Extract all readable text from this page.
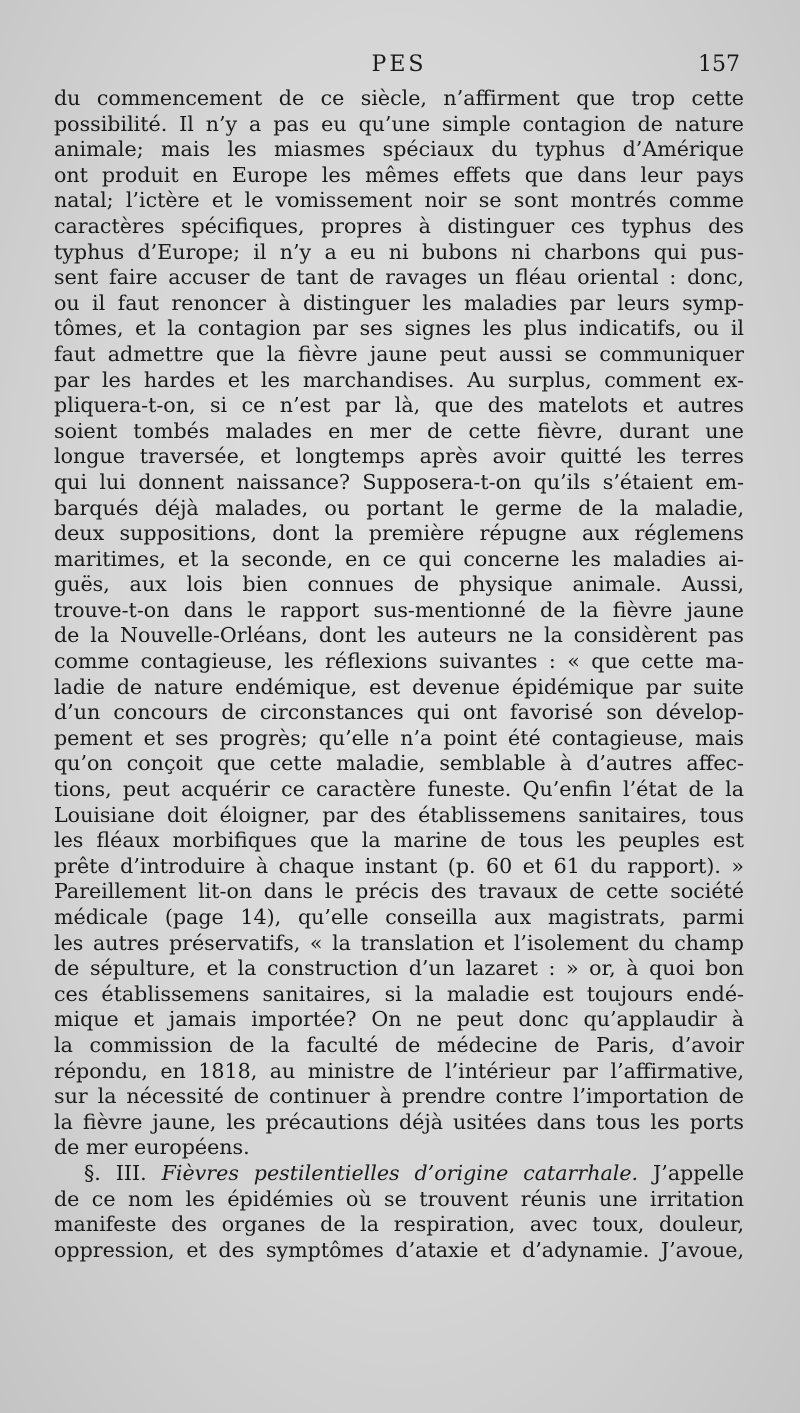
PES	157
du commencement de ce siècle, n’affirment que trop cette
possibilité. Il n’y a pas eu qu’une simple contagion de nature
animale; mais les miasmes spéciaux du typhus d’Amérique
ont produit en Europe les mêmes effets que dans leur pays
natal; l’ictère et le vomissement noir se sont montrés comme
caractères spécifiques, propres à distinguer ces typhus des
typhus d’Europe; il n’y a eu ni bubons ni charbons qui pus-
sent faire accuser de tant de ravages un fléau oriental : donc,
ou il faut renoncer à distinguer les maladies par leurs symp-
tômes, et la contagion par ses signes les plus indicatifs, ou il
faut admettre que la fièvre jaune peut aussi se communiquer
par les hardes et les marchandises. Au surplus, comment ex-
pliquera-t-on, si ce n’est par là, que des matelots et autres
soient tombés malades en mer de cette fièvre, durant une
longue traversée, et longtemps après avoir quitté les terres
qui lui donnent naissance? Supposera-t-on qu’ils s’étaient em-
barqués déjà malades, ou portant le germe de la maladie,
deux suppositions, dont la première répugne aux réglemens
maritimes, et la seconde, en ce qui concerne les maladies ai-
guës, aux lois bien connues de physique animale. Aussi,
trouve-t-on dans le rapport sus-mentionné de la fièvre jaune
de la Nouvelle-Orléans, dont les auteurs ne la considèrent pas
comme contagieuse, les réflexions suivantes : « que cette ma-
ladie de nature endémique, est devenue épidémique par suite
d’un concours de circonstances qui ont favorisé son dévelop-
pement et ses progrès; qu’elle n’a point été contagieuse, mais
qu’on conçoit que cette maladie, semblable à d’autres affec-
tions, peut acquérir ce caractère funeste. Qu’enfin l’état de la
Louisiane doit éloigner, par des établissemens sanitaires, tous
les fléaux morbifiques que la marine de tous les peuples est
prête d’introduire à chaque instant (p. 60 et 61 du rapport). »
Pareillement lit-on dans le précis des travaux de cette société
médicale (page 14), qu’elle conseilla aux magistrats, parmi
les autres préservatifs, « la translation et l’isolement du champ
de sépulture, et la construction d’un lazaret : » or, à quoi bon
ces établissemens sanitaires, si la maladie est toujours endé-
mique et jamais importée? On ne peut donc qu’applaudir à
la commission de la faculté de médecine de Paris, d’avoir
répondu, en 1818, au ministre de l’intérieur par l’affirmative,
sur la nécessité de continuer à prendre contre l’importation de
la fièvre jaune, les précautions déjà usitées dans tous les ports
de mer européens.
§. III. Fièvres pestilentielles d’origine catarrhale. J’appelle
de ce nom les épidémies où se trouvent réunis une irritation
manifeste des organes de la respiration, avec toux, douleur,
oppression, et des symptômes d’ataxie et d’adynamie. J’avoue,
